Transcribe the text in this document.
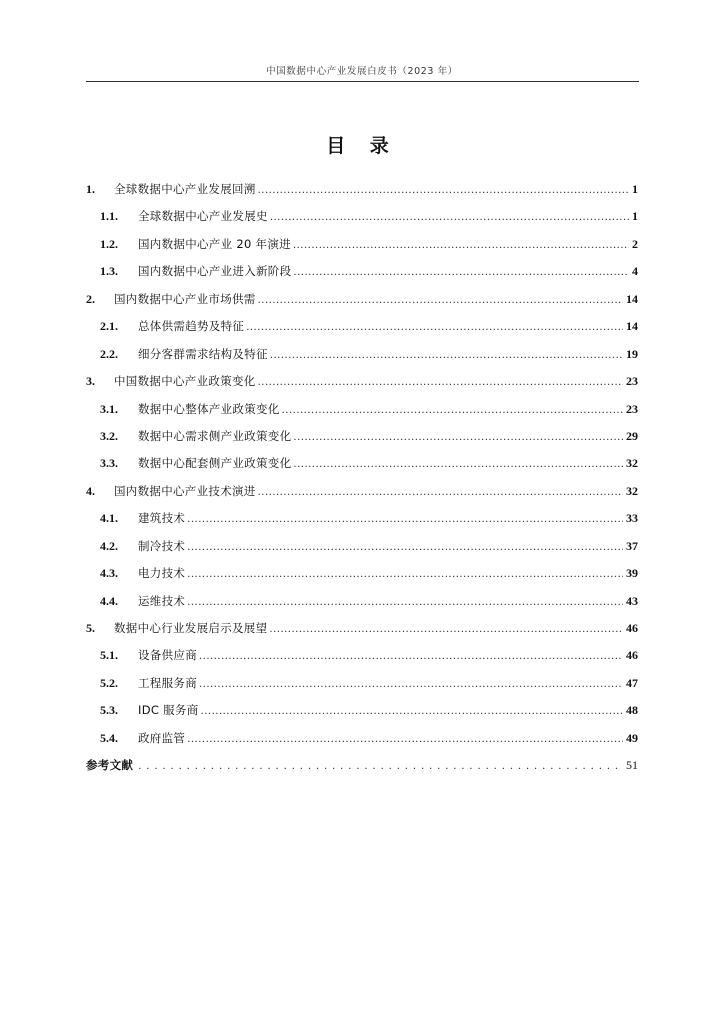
中国数据中心产业发展白皮书（2023 年）
目 录
1.	全球数据中心产业发展回溯 .....	1
1.1.	全球数据中心产业发展史 .....	1
1.2.	国内数据中心产业 20 年演进 .....	2
1.3.	国内数据中心产业进入新阶段 .....	4
2.	国内数据中心产业市场供需 .....	14
2.1.	总体供需趋势及特征 .....	14
2.2.	细分客群需求结构及特征 .....	19
3.	中国数据中心产业政策变化 .....	23
3.1.	数据中心整体产业政策变化 .....	23
3.2.	数据中心需求侧产业政策变化 .....	29
3.3.	数据中心配套侧产业政策变化 .....	32
4.	国内数据中心产业技术演进 .....	32
4.1.	建筑技术 .....	33
4.2.	制冷技术 .....	37
4.3.	电力技术 .....	39
4.4.	运维技术 .....	43
5.	数据中心行业发展启示及展望 .....	46
5.1.	设备供应商 .....	46
5.2.	工程服务商 .....	47
5.3.	IDC 服务商 .....	48
5.4.	政府监管 .....	49
参考文献 .....	51
